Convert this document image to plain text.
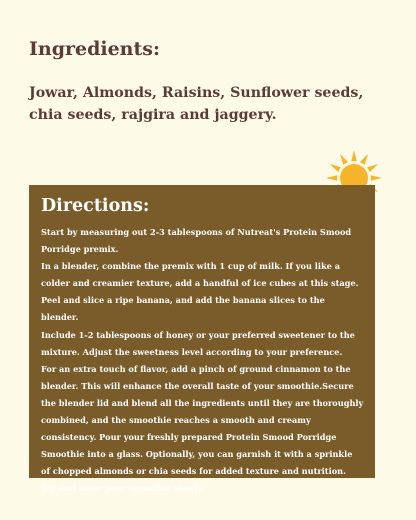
Ingredients:

Jowar, Almonds, Raisins, Sunflower seeds, chia seeds, rajgira and jaggery.

Directions:

Start by measuring out 2-3 tablespoons of Nutreat's Protein Smood Porridge premix.
In a blender, combine the premix with 1 cup of milk. If you like a colder and creamier texture, add a handful of ice cubes at this stage.
Peel and slice a ripe banana, and add the banana slices to the blender.
Include 1-2 tablespoons of honey or your preferred sweetener to the mixture. Adjust the sweetness level according to your preference.
For an extra touch of flavor, add a pinch of ground cinnamon to the blender. This will enhance the overall taste of your smoothie.Secure the blender lid and blend all the ingredients until they are thoroughly combined, and the smoothie reaches a smooth and creamy consistency. Pour your freshly prepared Protein Smood Porridge Smoothie into a glass. Optionally, you can garnish it with a sprinkle of chopped almonds or chia seeds for added texture and nutrition.
Sip and savor your smoothie slowly.
